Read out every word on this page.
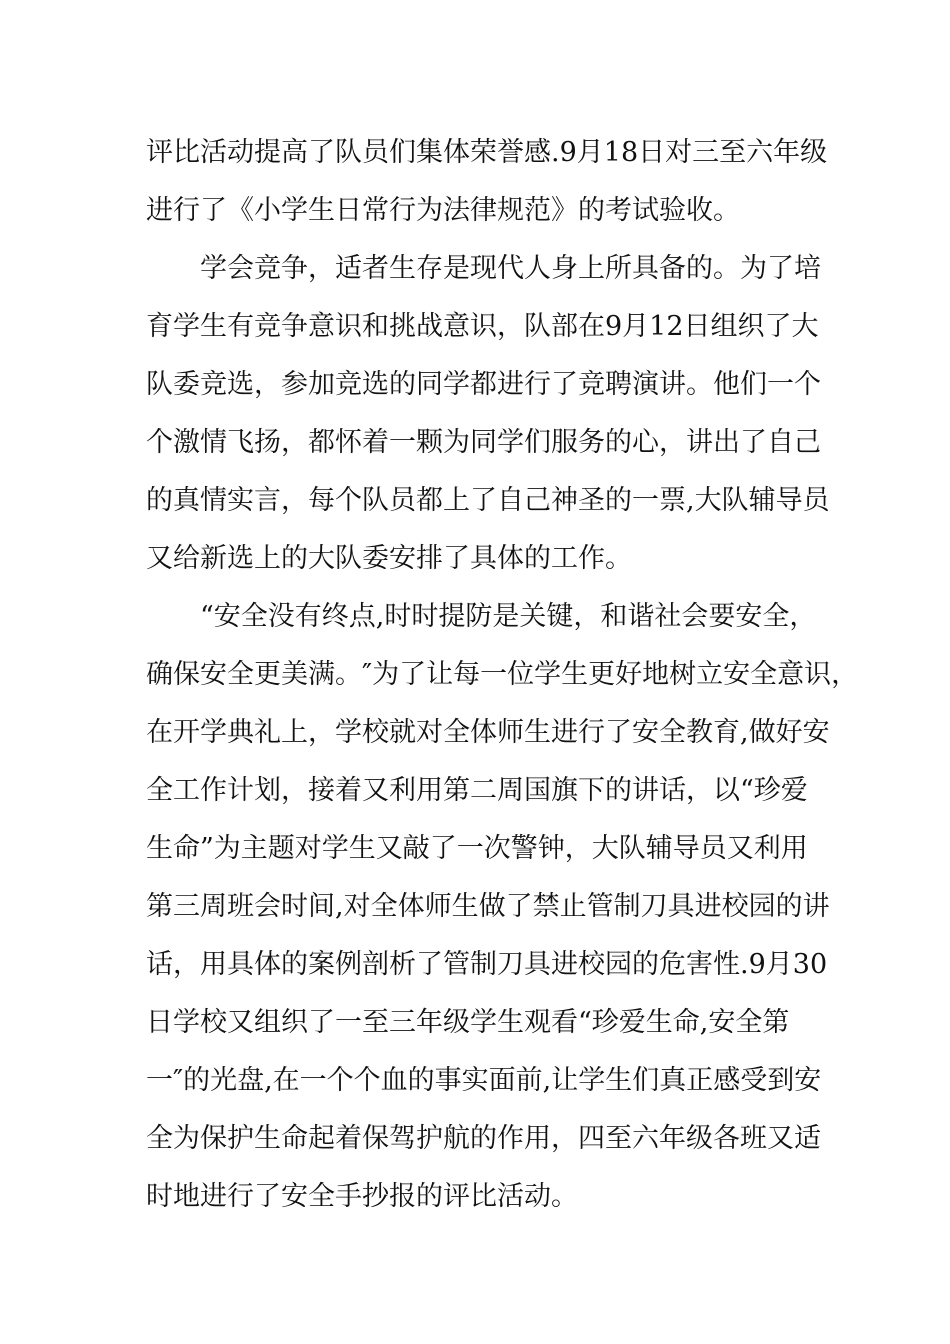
评比活动提高了队员们集体荣誉感.9月18日对三至六年级
进行了《小学生日常行为法律规范》的考试验收。
学会竞争，适者生存是现代人身上所具备的。为了培
育学生有竞争意识和挑战意识，队部在9月12日组织了大
队委竞选，参加竞选的同学都进行了竞聘演讲。他们一个
个激情飞扬，都怀着一颗为同学们服务的心，讲出了自己
的真情实言，每个队员都上了自己神圣的一票,大队辅导员
又给新选上的大队委安排了具体的工作。
“安全没有终点,时时提防是关键，和谐社会要安全，
确保安全更美满。″为了让每一位学生更好地树立安全意识，
在开学典礼上，学校就对全体师生进行了安全教育,做好安
全工作计划，接着又利用第二周国旗下的讲话，以“珍爱
生命”为主题对学生又敲了一次警钟，大队辅导员又利用
第三周班会时间,对全体师生做了禁止管制刀具进校园的讲
话，用具体的案例剖析了管制刀具进校园的危害性.9月30
日学校又组织了一至三年级学生观看“珍爱生命,安全第
一″的光盘,在一个个血的事实面前,让学生们真正感受到安
全为保护生命起着保驾护航的作用，四至六年级各班又适
时地进行了安全手抄报的评比活动。
